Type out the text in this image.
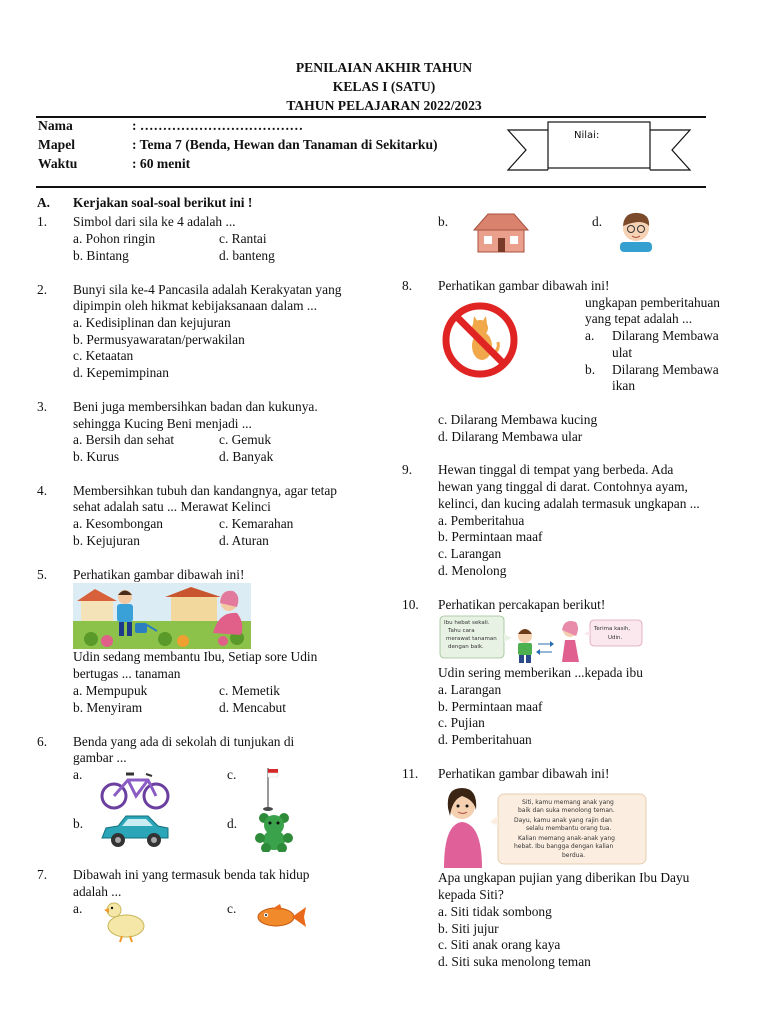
PENILAIAN AKHIR TAHUN
KELAS I (SATU)
TAHUN PELAJARAN 2022/2023
Nama	: ………………………………
Mapel	: Tema 7 (Benda, Hewan dan Tanaman di Sekitarku)
Waktu	: 60 menit
Nilai:
A. Kerjakan soal-soal berikut ini !
1. Simbol dari sila ke 4 adalah ...
a. Pohon ringin	c. Rantai
b. Bintang	d. banteng
2. Bunyi sila ke-4 Pancasila adalah Kerakyatan yang
dipimpin oleh hikmat kebijaksanaan dalam ...
a. Kedisiplinan dan kejujuran
b. Permusyawaratan/perwakilan
c. Ketaatan
d. Kepemimpinan
3. Beni juga membersihkan badan dan kukunya.
sehingga Kucing Beni menjadi ...
a. Bersih dan sehat	c. Gemuk
b. Kurus	d. Banyak
4. Membersihkan tubuh dan kandangnya, agar tetap
sehat adalah satu ... Merawat Kelinci
a. Kesombongan	c. Kemarahan
b. Kejujuran	d. Aturan
5. Perhatikan gambar dibawah ini!
Udin sedang membantu Ibu, Setiap sore Udin
bertugas ... tanaman
a. Mempupuk	c. Memetik
b. Menyiram	d. Mencabut
6. Benda yang ada di sekolah di tunjukan di
gambar ...
a.	c.
b.	d.
7. Dibawah ini yang termasuk benda tak hidup
adalah ...
a.	c.
b.	d.
8. Perhatikan gambar dibawah ini!
ungkapan pemberitahuan
yang tepat adalah ...
a. Dilarang Membawa
ulat
b. Dilarang Membawa
ikan
c. Dilarang Membawa kucing
d. Dilarang Membawa ular
9. Hewan tinggal di tempat yang berbeda. Ada
hewan yang tinggal di darat. Contohnya ayam,
kelinci, dan kucing adalah termasuk ungkapan ...
a. Pemberitahua
b. Permintaan maaf
c. Larangan
d. Menolong
10. Perhatikan percakapan berikut!
Ibu hebat sekali. Tahu cara merawat tanaman dengan baik.
Terima kasih, Udin.
Udin sering memberikan ...kepada ibu
a. Larangan
b. Permintaan maaf
c. Pujian
d. Pemberitahuan
11. Perhatikan gambar dibawah ini!
Siti, kamu memang anak yang baik dan suka menolong teman. Dayu, kamu anak yang rajin dan selalu membantu orang tua. Kalian memang anak-anak yang hebat. Ibu bangga dengan kalian berdua.
Apa ungkapan pujian yang diberikan Ibu Dayu
kepada Siti?
a. Siti tidak sombong
b. Siti jujur
c. Siti anak orang kaya
d. Siti suka menolong teman
